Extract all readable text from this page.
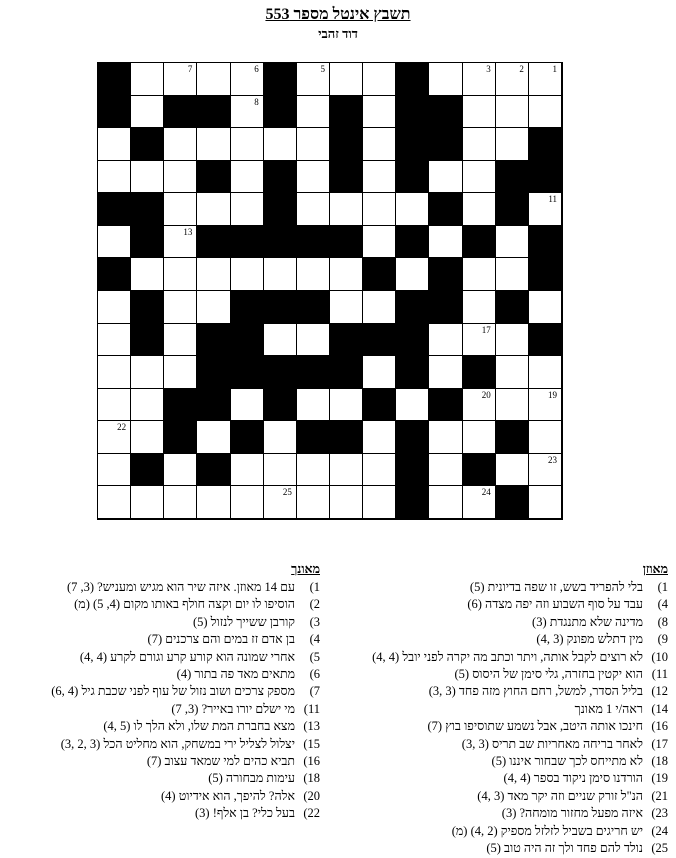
תשבץ אינטל מספר 553
דוד זהבי
7	6	5	3	2	1
8
11
13
17
20	19
22
23
25	24
מאוזן
1)
בלי להפריד בשש, זו שפה בדיונית (5)
4)
עבד על סוף השבוע וזה יפה מצדה (6)
8)
מדינה שלא מתנגדת (3)
9)
מין דתלש מפונק (3 ,4)
10)
לא רוצים לקבל אותה, ויתר וכתב מה יקרה לפני יובל (4 ,4)
11)
הוא יקטין בחזרה, גלי סימן של היסוס (5)
12)
בליל הסדר, למשל, רחם החוץ מזה פחד (3 ,3)
14)
ראה/י 1 מאונך
16)
חינכו אותה היטב, אבל נשמע שתוסיפו בוץ (7)
17)
לאחר בריחה מאחריות שב תריס (3 ,3)
18)
לא מתייחס לכך שבחור איננו (5)
19)
הורדנו סימן ניקוד בספר (4 ,4)
21)
הנ"ל זורק שניים וזה יקר מאד (3 ,4)
23)
איזה מפעל מחזור מומחה? (3)
24)
יש חריגים בשביל לזלזל מספיק (2 ,4) (מ)
25)
נולד להם פחד ולך זה היה טוב (5)
מאונך
1)
עם 14 מאוזן. איזה שיר הוא מגיש ומעניש? (3, 7)
2)
הוסיפו לו יום וקצה חולף באותו מקום (4, 5) (מ)
3)
קורבן ששייך לנזול (5)
4)
בן אדם זז במים והם צרכנים (7)
5)
אחרי שמונה הוא קורע קרע וגורם לקרע (4 ,4)
6)
מתאים מאד פה בתור (4)
7)
מספק צרכים ושוב נזול של עוף לפני שכבת גיל (4 ,6)
11)
מי ישלם יורו באייר? (3, 7)
13)
מצא בחברת המת שלו, ולא הלך לו (5 ,4)
15)
יצלול לצליל ירי במשחק, הוא מחליט הכל (3 ,2 ,3)
16)
תביא כהים למי שמאד עצוב (7)
18)
עימות מבחורה (5)
20)
אלה? להיפך, הוא אידיוט (4)
22)
בעל כלי? בן אלף! (3)
